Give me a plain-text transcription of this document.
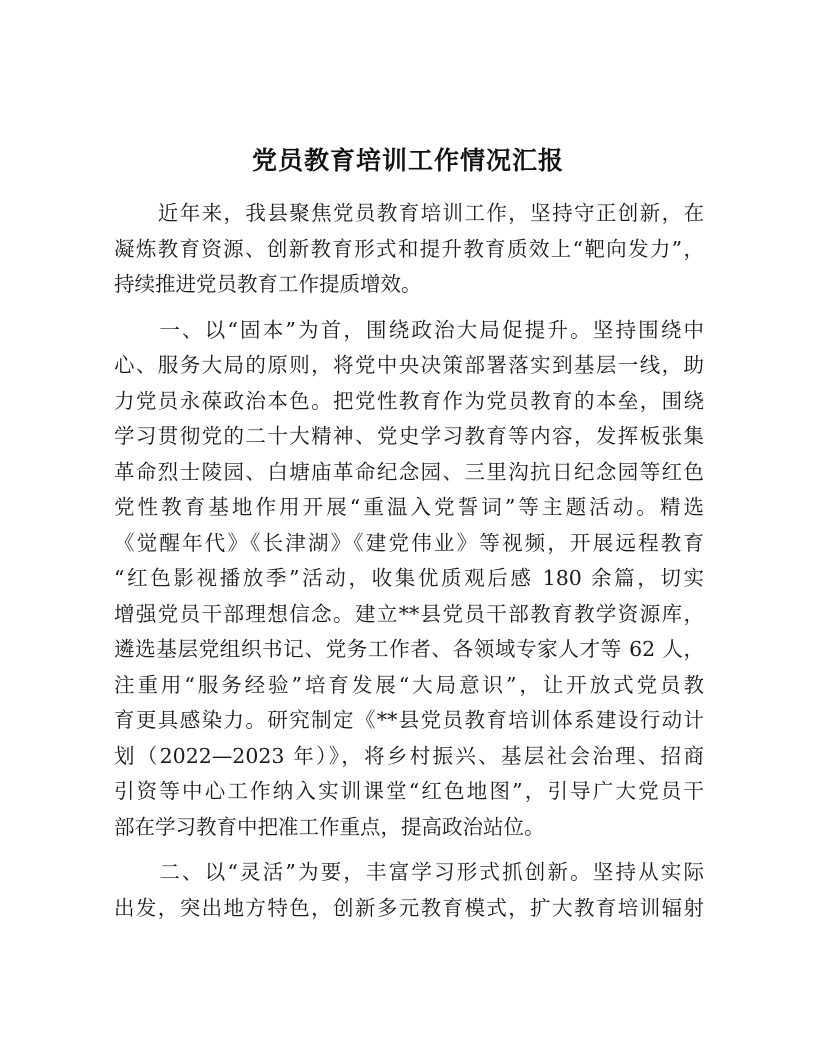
党员教育培训工作情况汇报
　　近年来，我县聚焦党员教育培训工作，坚持守正创新，在
凝炼教育资源、创新教育形式和提升教育质效上“靶向发力”，
持续推进党员教育工作提质增效。
　　一、以“固本”为首，围绕政治大局促提升。坚持围绕中
心、服务大局的原则，将党中央决策部署落实到基层一线，助
力党员永葆政治本色。把党性教育作为党员教育的本垒，围绕
学习贯彻党的二十大精神、党史学习教育等内容，发挥板张集
革命烈士陵园、白塘庙革命纪念园、三里沟抗日纪念园等红色
党性教育基地作用开展“重温入党誓词”等主题活动。精选
《觉醒年代》《长津湖》《建党伟业》等视频，开展远程教育
“红色影视播放季”活动，收集优质观后感 180 余篇，切实
增强党员干部理想信念。建立**县党员干部教育教学资源库，
遴选基层党组织书记、党务工作者、各领域专家人才等 62 人，
注重用“服务经验”培育发展“大局意识”，让开放式党员教
育更具感染力。研究制定《**县党员教育培训体系建设行动计
划（2022—2023 年）》，将乡村振兴、基层社会治理、招商
引资等中心工作纳入实训课堂“红色地图”，引导广大党员干
部在学习教育中把准工作重点，提高政治站位。
　　二、以“灵活”为要，丰富学习形式抓创新。坚持从实际
出发，突出地方特色，创新多元教育模式，扩大教育培训辐射
